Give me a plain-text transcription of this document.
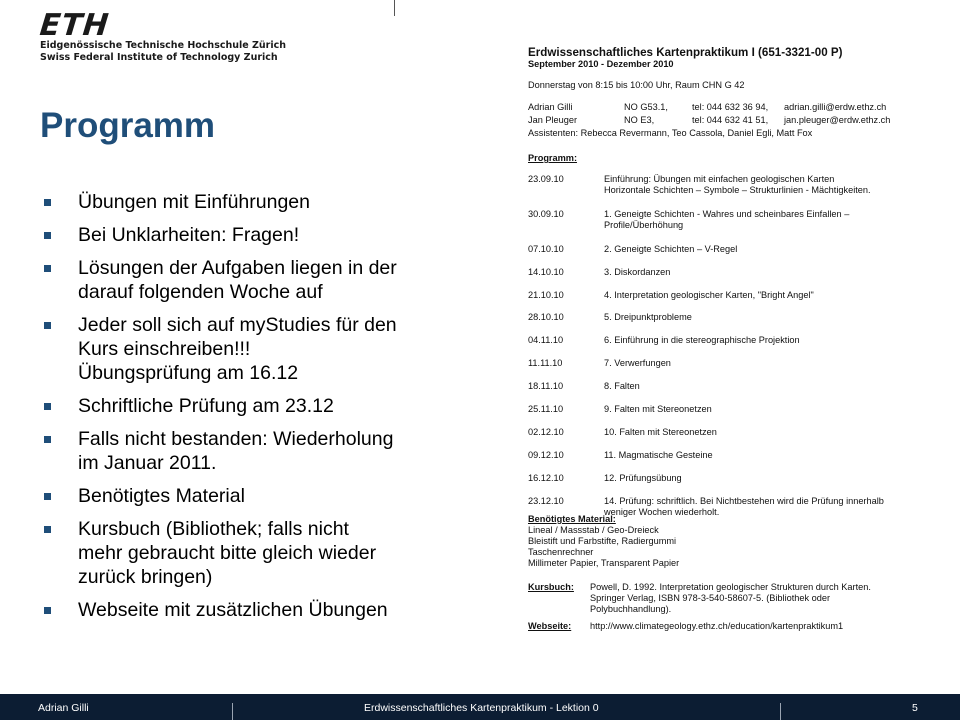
ETH
Eidgenössische Technische Hochschule Zürich
Swiss Federal Institute of Technology Zurich
Programm
Übungen mit Einführungen
Bei Unklarheiten: Fragen!
Lösungen der Aufgaben liegen in der
darauf folgenden Woche auf
Jeder soll sich auf myStudies für den
Kurs einschreiben!!!
Übungsprüfung am 16.12
Schriftliche Prüfung am 23.12
Falls nicht bestanden: Wiederholung
im Januar 2011.
Benötigtes Material
Kursbuch (Bibliothek; falls nicht
mehr gebraucht bitte gleich wieder
zurück bringen)
Webseite mit zusätzlichen Übungen
Erdwissenschaftliches Kartenpraktikum I (651-3321-00 P)
September 2010 - Dezember 2010
Donnerstag von 8:15 bis 10:00 Uhr, Raum CHN G 42
Adrian Gilli	NO G53.1,	tel: 044 632 36 94, adrian.gilli@erdw.ethz.ch
Jan Pleuger	NO E3,	tel: 044 632 41 51, jan.pleuger@erdw.ethz.ch
Assistenten: Rebecca Revermann, Teo Cassola, Daniel Egli, Matt Fox
Programm:
23.09.10	Einführung: Übungen mit einfachen geologischen Karten
Horizontale Schichten – Symbole – Strukturlinien - Mächtigkeiten.
30.09.10	1. Geneigte Schichten - Wahres und scheinbares Einfallen –
Profile/Überhöhung
07.10.10	2. Geneigte Schichten – V-Regel
14.10.10	3. Diskordanzen
21.10.10	4. Interpretation geologischer Karten, "Bright Angel"
28.10.10	5. Dreipunktprobleme
04.11.10	6. Einführung in die stereographische Projektion
11.11.10	7. Verwerfungen
18.11.10	8. Falten
25.11.10	9. Falten mit Stereonetzen
02.12.10	10. Falten mit Stereonetzen
09.12.10	11. Magmatische Gesteine
16.12.10	12. Prüfungsübung
23.12.10	14. Prüfung: schriftlich. Bei Nichtbestehen wird die Prüfung innerhalb
weniger Wochen wiederholt.
Benötigtes Material:
Lineal / Massstab / Geo-Dreieck
Bleistift und Farbstifte, Radiergummi
Taschenrechner
Millimeter Papier, Transparent Papier
Kursbuch: Powell, D. 1992. Interpretation geologischer Strukturen durch Karten.
Springer Verlag, ISBN 978-3-540-58607-5. (Bibliothek oder Polybuchhandlung).
Webseite: http://www.climategeology.ethz.ch/education/kartenpraktikum1
Adrian Gilli	Erdwissenschaftliches Kartenpraktikum - Lektion 0	5
